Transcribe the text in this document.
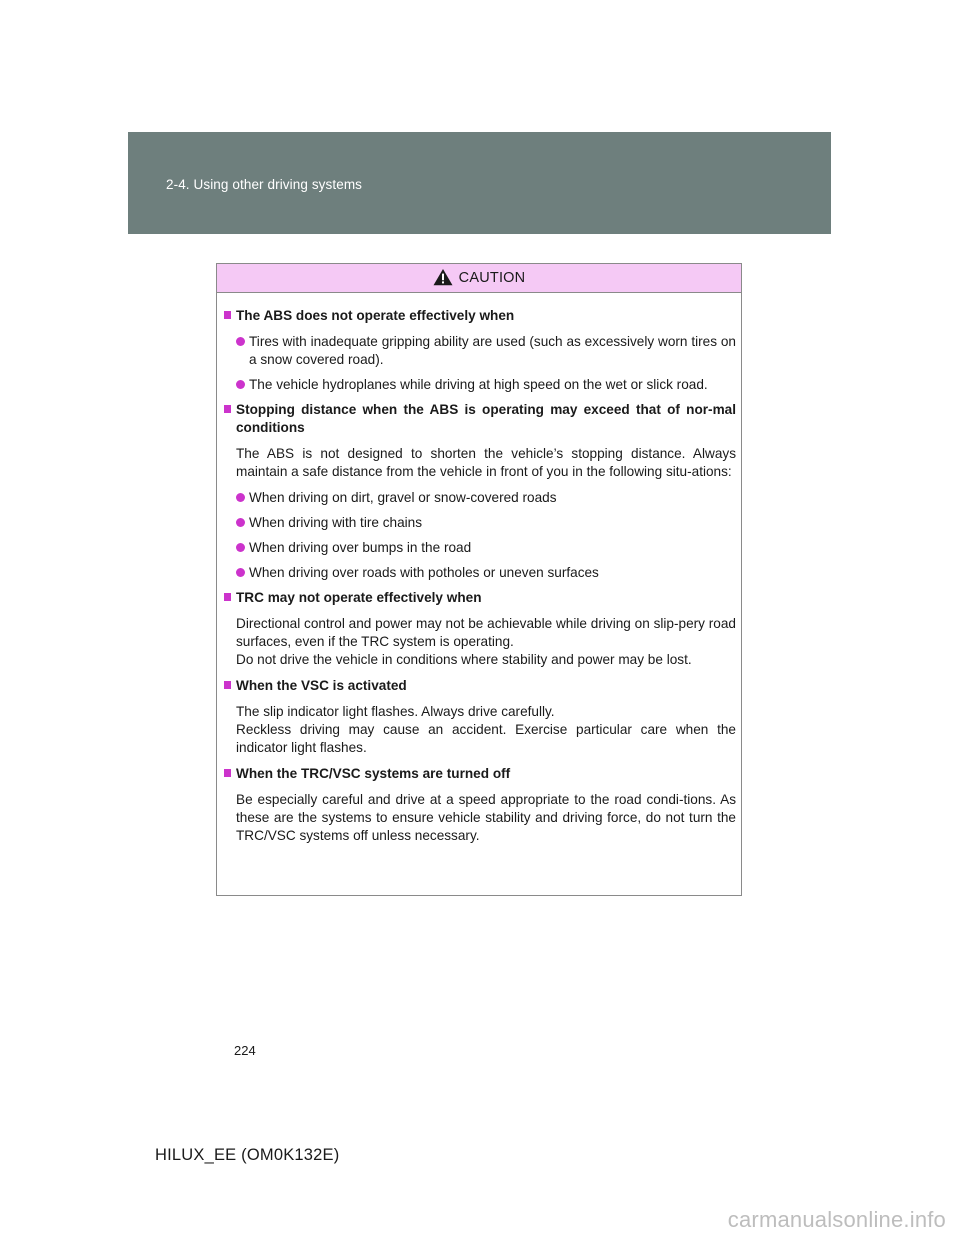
2-4. Using other driving systems
CAUTION
The ABS does not operate effectively when
Tires with inadequate gripping ability are used (such as excessively worn tires on a snow covered road).
The vehicle hydroplanes while driving at high speed on the wet or slick road.
Stopping distance when the ABS is operating may exceed that of nor-mal conditions
The ABS is not designed to shorten the vehicle’s stopping distance. Always maintain a safe distance from the vehicle in front of you in the following situ-ations:
When driving on dirt, gravel or snow-covered roads
When driving with tire chains
When driving over bumps in the road
When driving over roads with potholes or uneven surfaces
TRC may not operate effectively when
Directional control and power may not be achievable while driving on slip-pery road surfaces, even if the TRC system is operating.
Do not drive the vehicle in conditions where stability and power may be lost.
When the VSC is activated
The slip indicator light flashes. Always drive carefully.
Reckless driving may cause an accident. Exercise particular care when the indicator light flashes.
When the TRC/VSC systems are turned off
Be especially careful and drive at a speed appropriate to the road condi-tions. As these are the systems to ensure vehicle stability and driving force, do not turn the TRC/VSC systems off unless necessary.
224
HILUX_EE (OM0K132E)
carmanualsonline.info
